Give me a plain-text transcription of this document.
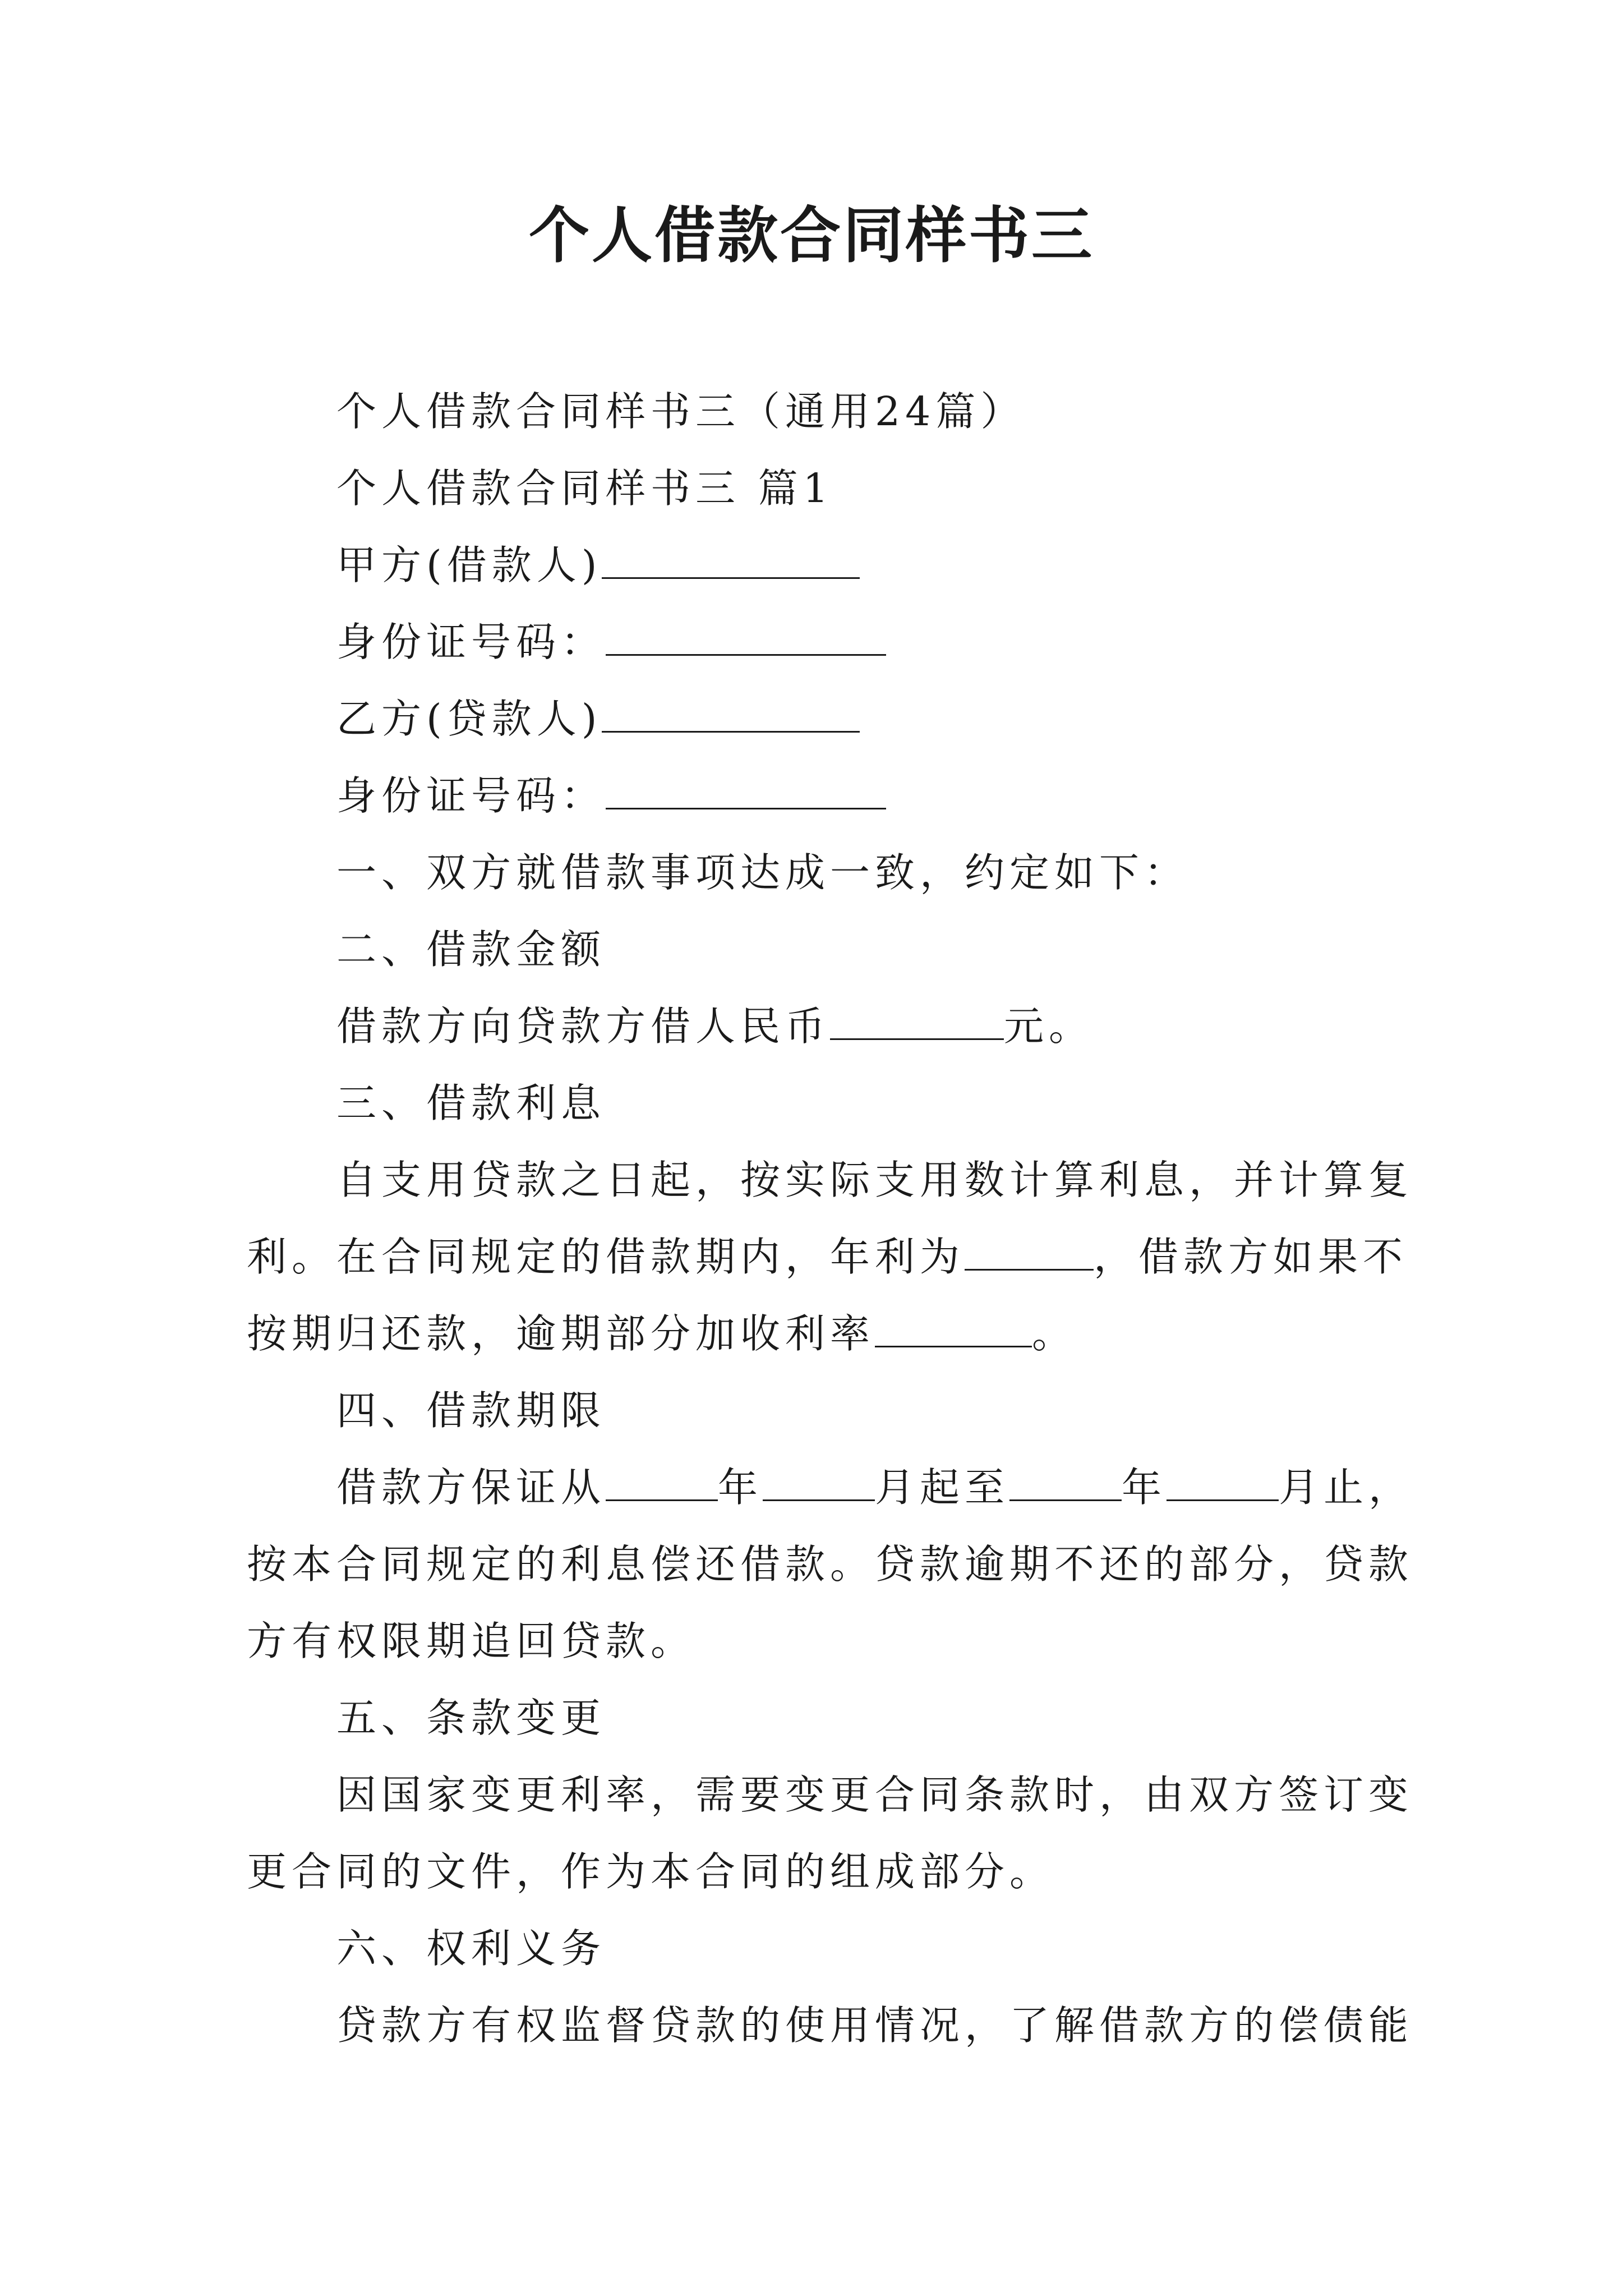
个人借款合同样书三
个人借款合同样书三（通用24篇）
个人借款合同样书三 篇1
甲方(借款人)
身份证号码：
乙方(贷款人)
身份证号码：
一、双方就借款事项达成一致，约定如下：
二、借款金额
借款方向贷款方借人民币	元。
三、借款利息
自支用贷款之日起，按实际支用数计算利息，并计算复
利。在合同规定的借款期内，年利为	，借款方如果不
按期归还款，逾期部分加收利率	。
四、借款期限
借款方保证从	年	月起至	年	月止，
按本合同规定的利息偿还借款。贷款逾期不还的部分，贷款
方有权限期追回贷款。
五、条款变更
因国家变更利率，需要变更合同条款时，由双方签订变
更合同的文件，作为本合同的组成部分。
六、权利义务
贷款方有权监督贷款的使用情况，了解借款方的偿债能
